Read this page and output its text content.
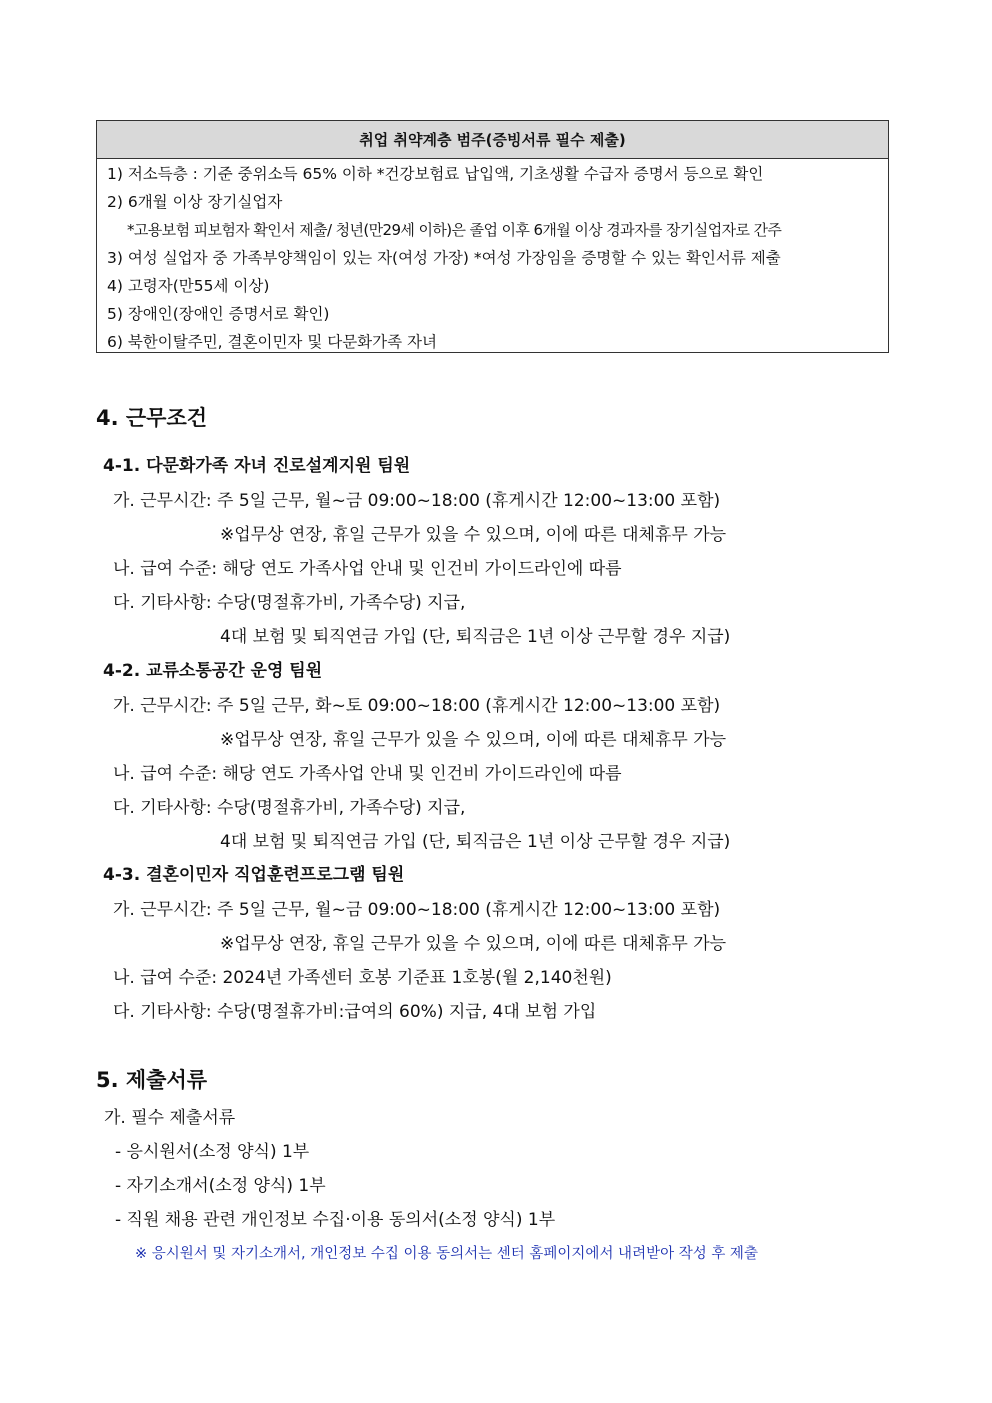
취업 취약계층 범주(증빙서류 필수 제출)
1) 저소득층 : 기준 중위소득 65% 이하 *건강보험료 납입액, 기초생활 수급자 증명서 등으로 확인
2) 6개월 이상 장기실업자
*고용보험 피보험자 확인서 제출/ 청년(만29세 이하)은 졸업 이후 6개월 이상 경과자를 장기실업자로 간주
3) 여성 실업자 중 가족부양책임이 있는 자(여성 가장) *여성 가장임을 증명할 수 있는 확인서류 제출
4) 고령자(만55세 이상)
5) 장애인(장애인 증명서로 확인)
6) 북한이탈주민, 결혼이민자 및 다문화가족 자녀
4. 근무조건
4-1. 다문화가족 자녀 진로설계지원 팀원
가. 근무시간: 주 5일 근무, 월~금 09:00~18:00 (휴게시간 12:00~13:00 포함)
※업무상 연장, 휴일 근무가 있을 수 있으며, 이에 따른 대체휴무 가능
나. 급여 수준: 해당 연도 가족사업 안내 및 인건비 가이드라인에 따름
다. 기타사항: 수당(명절휴가비, 가족수당) 지급,
4대 보험 및 퇴직연금 가입 (단, 퇴직금은 1년 이상 근무할 경우 지급)
4-2. 교류소통공간 운영 팀원
가. 근무시간: 주 5일 근무, 화~토 09:00~18:00 (휴게시간 12:00~13:00 포함)
※업무상 연장, 휴일 근무가 있을 수 있으며, 이에 따른 대체휴무 가능
나. 급여 수준: 해당 연도 가족사업 안내 및 인건비 가이드라인에 따름
다. 기타사항: 수당(명절휴가비, 가족수당) 지급,
4대 보험 및 퇴직연금 가입 (단, 퇴직금은 1년 이상 근무할 경우 지급)
4-3. 결혼이민자 직업훈련프로그램 팀원
가. 근무시간: 주 5일 근무, 월~금 09:00~18:00 (휴게시간 12:00~13:00 포함)
※업무상 연장, 휴일 근무가 있을 수 있으며, 이에 따른 대체휴무 가능
나. 급여 수준: 2024년 가족센터 호봉 기준표 1호봉(월 2,140천원)
다. 기타사항: 수당(명절휴가비:급여의 60%) 지급, 4대 보험 가입
5. 제출서류
가. 필수 제출서류
- 응시원서(소정 양식) 1부
- 자기소개서(소정 양식) 1부
- 직원 채용 관련 개인정보 수집·이용 동의서(소정 양식) 1부
※ 응시원서 및 자기소개서, 개인정보 수집 이용 동의서는 센터 홈페이지에서 내려받아 작성 후 제출
